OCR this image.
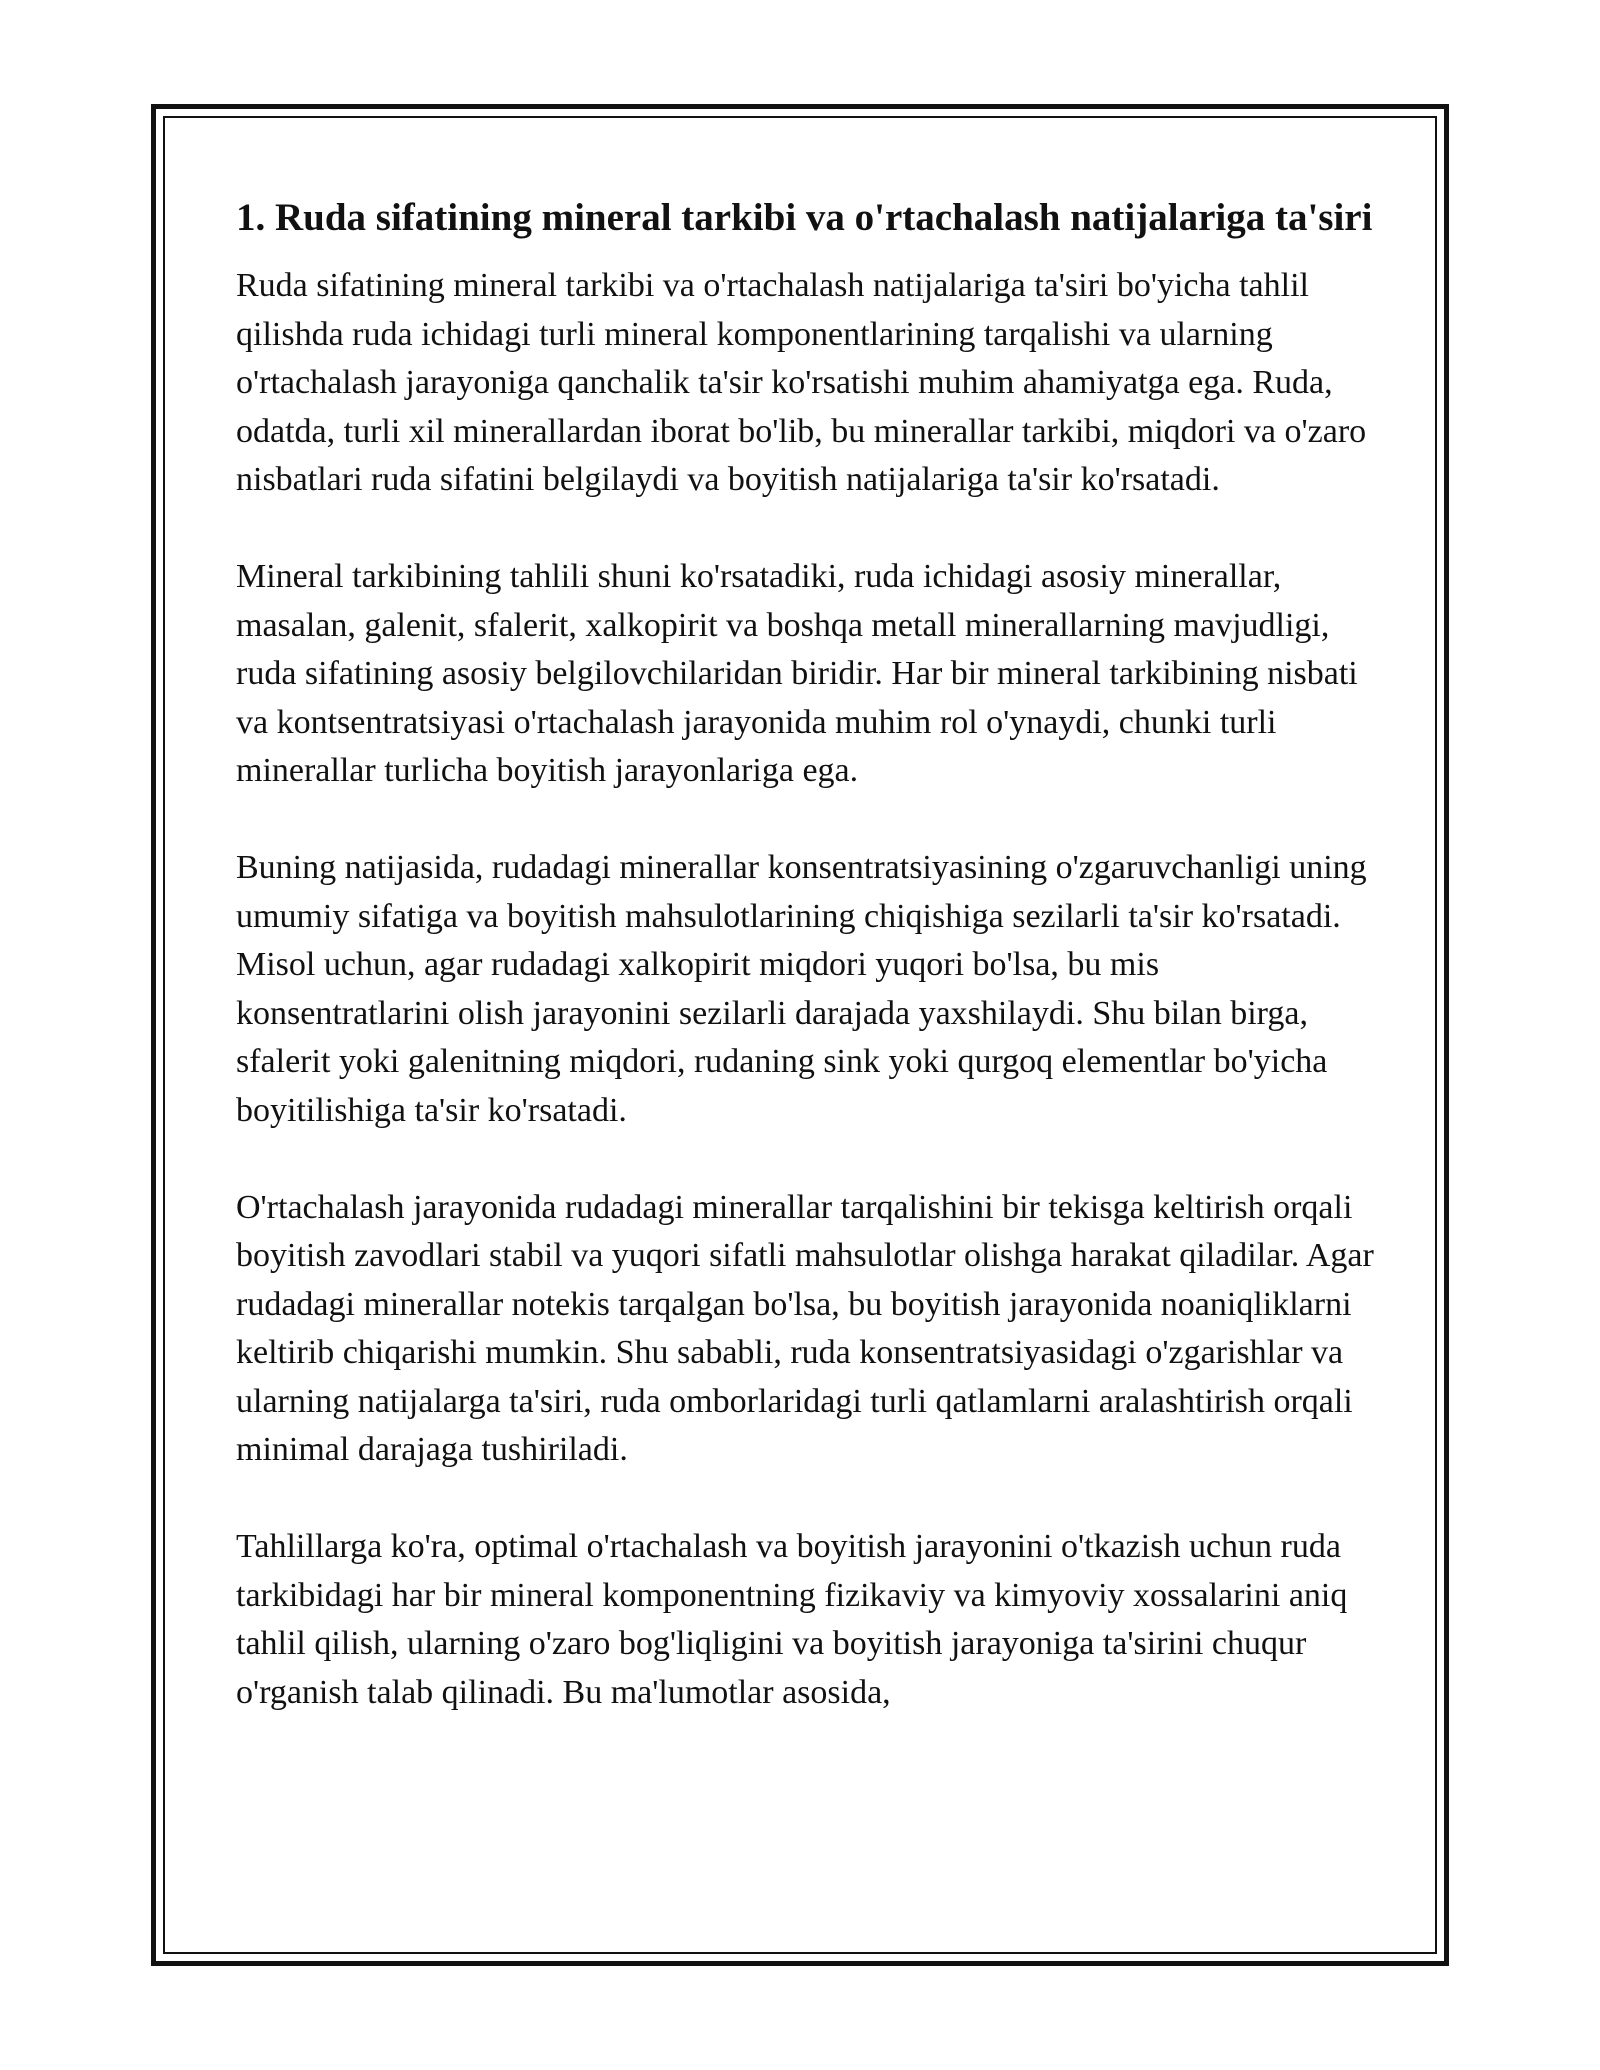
1. Ruda sifatining mineral tarkibi va o'rtachalash natijalariga ta'siri

Ruda sifatining mineral tarkibi va o'rtachalash natijalariga ta'siri bo'yicha tahlil qilishda ruda ichidagi turli mineral komponentlarining tarqalishi va ularning o'rtachalash jarayoniga qanchalik ta'sir ko'rsatishi muhim ahamiyatga ega. Ruda, odatda, turli xil minerallardan iborat bo'lib, bu minerallar tarkibi, miqdori va o'zaro nisbatlari ruda sifatini belgilaydi va boyitish natijalariga ta'sir ko'rsatadi.

Mineral tarkibining tahlili shuni ko'rsatadiki, ruda ichidagi asosiy minerallar, masalan, galenit, sfalerit, xalkopirit va boshqa metall minerallarning mavjudligi, ruda sifatining asosiy belgilovchilaridan biridir. Har bir mineral tarkibining nisbati va kontsentratsiyasi o'rtachalash jarayonida muhim rol o'ynaydi, chunki turli minerallar turlicha boyitish jarayonlariga ega.

Buning natijasida, rudadagi minerallar konsentratsiyasining o'zgaruvchanligi uning umumiy sifatiga va boyitish mahsulotlarining chiqishiga sezilarli ta'sir ko'rsatadi. Misol uchun, agar rudadagi xalkopirit miqdori yuqori bo'lsa, bu mis konsentratlarini olish jarayonini sezilarli darajada yaxshilaydi. Shu bilan birga, sfalerit yoki galenitning miqdori, rudaning sink yoki qurgoq elementlar bo'yicha boyitilishiga ta'sir ko'rsatadi.

O'rtachalash jarayonida rudadagi minerallar tarqalishini bir tekisga keltirish orqali boyitish zavodlari stabil va yuqori sifatli mahsulotlar olishga harakat qiladilar. Agar rudadagi minerallar notekis tarqalgan bo'lsa, bu boyitish jarayonida noaniqliklarni keltirib chiqarishi mumkin. Shu sababli, ruda konsentratsiyasidagi o'zgarishlar va ularning natijalarga ta'siri, ruda omborlaridagi turli qatlamlarni aralashtirish orqali minimal darajaga tushiriladi.

Tahlillarga ko'ra, optimal o'rtachalash va boyitish jarayonini o'tkazish uchun ruda tarkibidagi har bir mineral komponentning fizikaviy va kimyoviy xossalarini aniq tahlil qilish, ularning o'zaro bog'liqligini va boyitish jarayoniga ta'sirini chuqur o'rganish talab qilinadi. Bu ma'lumotlar asosida,
